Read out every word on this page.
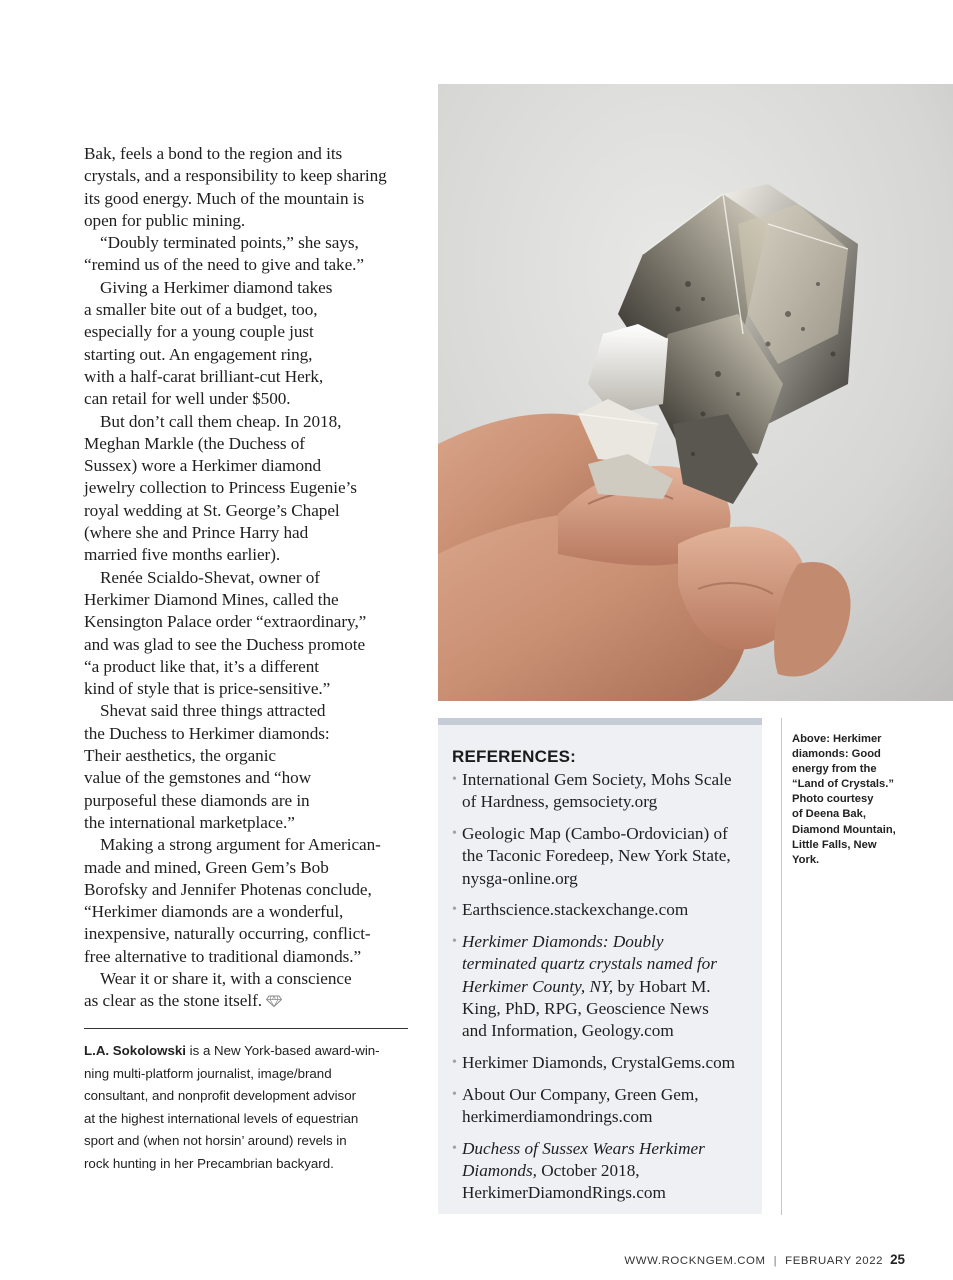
Bak, feels a bond to the region and its
crystals, and a responsibility to keep sharing
its good energy. Much of the mountain is
open for public mining.
“Doubly terminated points,” she says,
“remind us of the need to give and take.”
Giving a Herkimer diamond takes
a smaller bite out of a budget, too,
especially for a young couple just
starting out. An engagement ring,
with a half-carat brilliant-cut Herk,
can retail for well under $500.
But don’t call them cheap. In 2018,
Meghan Markle (the Duchess of
Sussex) wore a Herkimer diamond
jewelry collection to Princess Eugenie’s
royal wedding at St. George’s Chapel
(where she and Prince Harry had
married five months earlier).
Renée Scialdo-Shevat, owner of
Herkimer Diamond Mines, called the
Kensington Palace order “extraordinary,”
and was glad to see the Duchess promote
“a product like that, it’s a different
kind of style that is price-sensitive.”
Shevat said three things attracted
the Duchess to Herkimer diamonds:
Their aesthetics, the organic
value of the gemstones and “how
purposeful these diamonds are in
the international marketplace.”
Making a strong argument for American-
made and mined, Green Gem’s Bob
Borofsky and Jennifer Photenas conclude,
“Herkimer diamonds are a wonderful,
inexpensive, naturally occurring, conflict-
free alternative to traditional diamonds.”
Wear it or share it, with a conscience
as clear as the stone itself.
L.A. Sokolowski is a New York-based award-win-
ning multi-platform journalist, image/brand
consultant, and nonprofit development advisor
at the highest international levels of equestrian
sport and (when not horsin’ around) revels in
rock hunting in her Precambrian backyard.
REFERENCES:
• International Gem Society, Mohs Scale
of Hardness, gemsociety.org
• Geologic Map (Cambo-Ordovician) of
the Taconic Foredeep, New York State,
nysga-online.org
• Earthscience.stackexchange.com
• Herkimer Diamonds: Doubly
terminated quartz crystals named for
Herkimer County, NY, by Hobart M.
King, PhD, RPG, Geoscience News
and Information, Geology.com
• Herkimer Diamonds, CrystalGems.com
• About Our Company, Green Gem,
herkimerdiamondrings.com
• Duchess of Sussex Wears Herkimer
Diamonds, October 2018,
HerkimerDiamondRings.com
Above: Herkimer
diamonds: Good
energy from the
“Land of Crystals.”
Photo courtesy
of Deena Bak,
Diamond Mountain,
Little Falls, New
York.
WWW.ROCKNGEM.COM | FEBRUARY 2022 25
